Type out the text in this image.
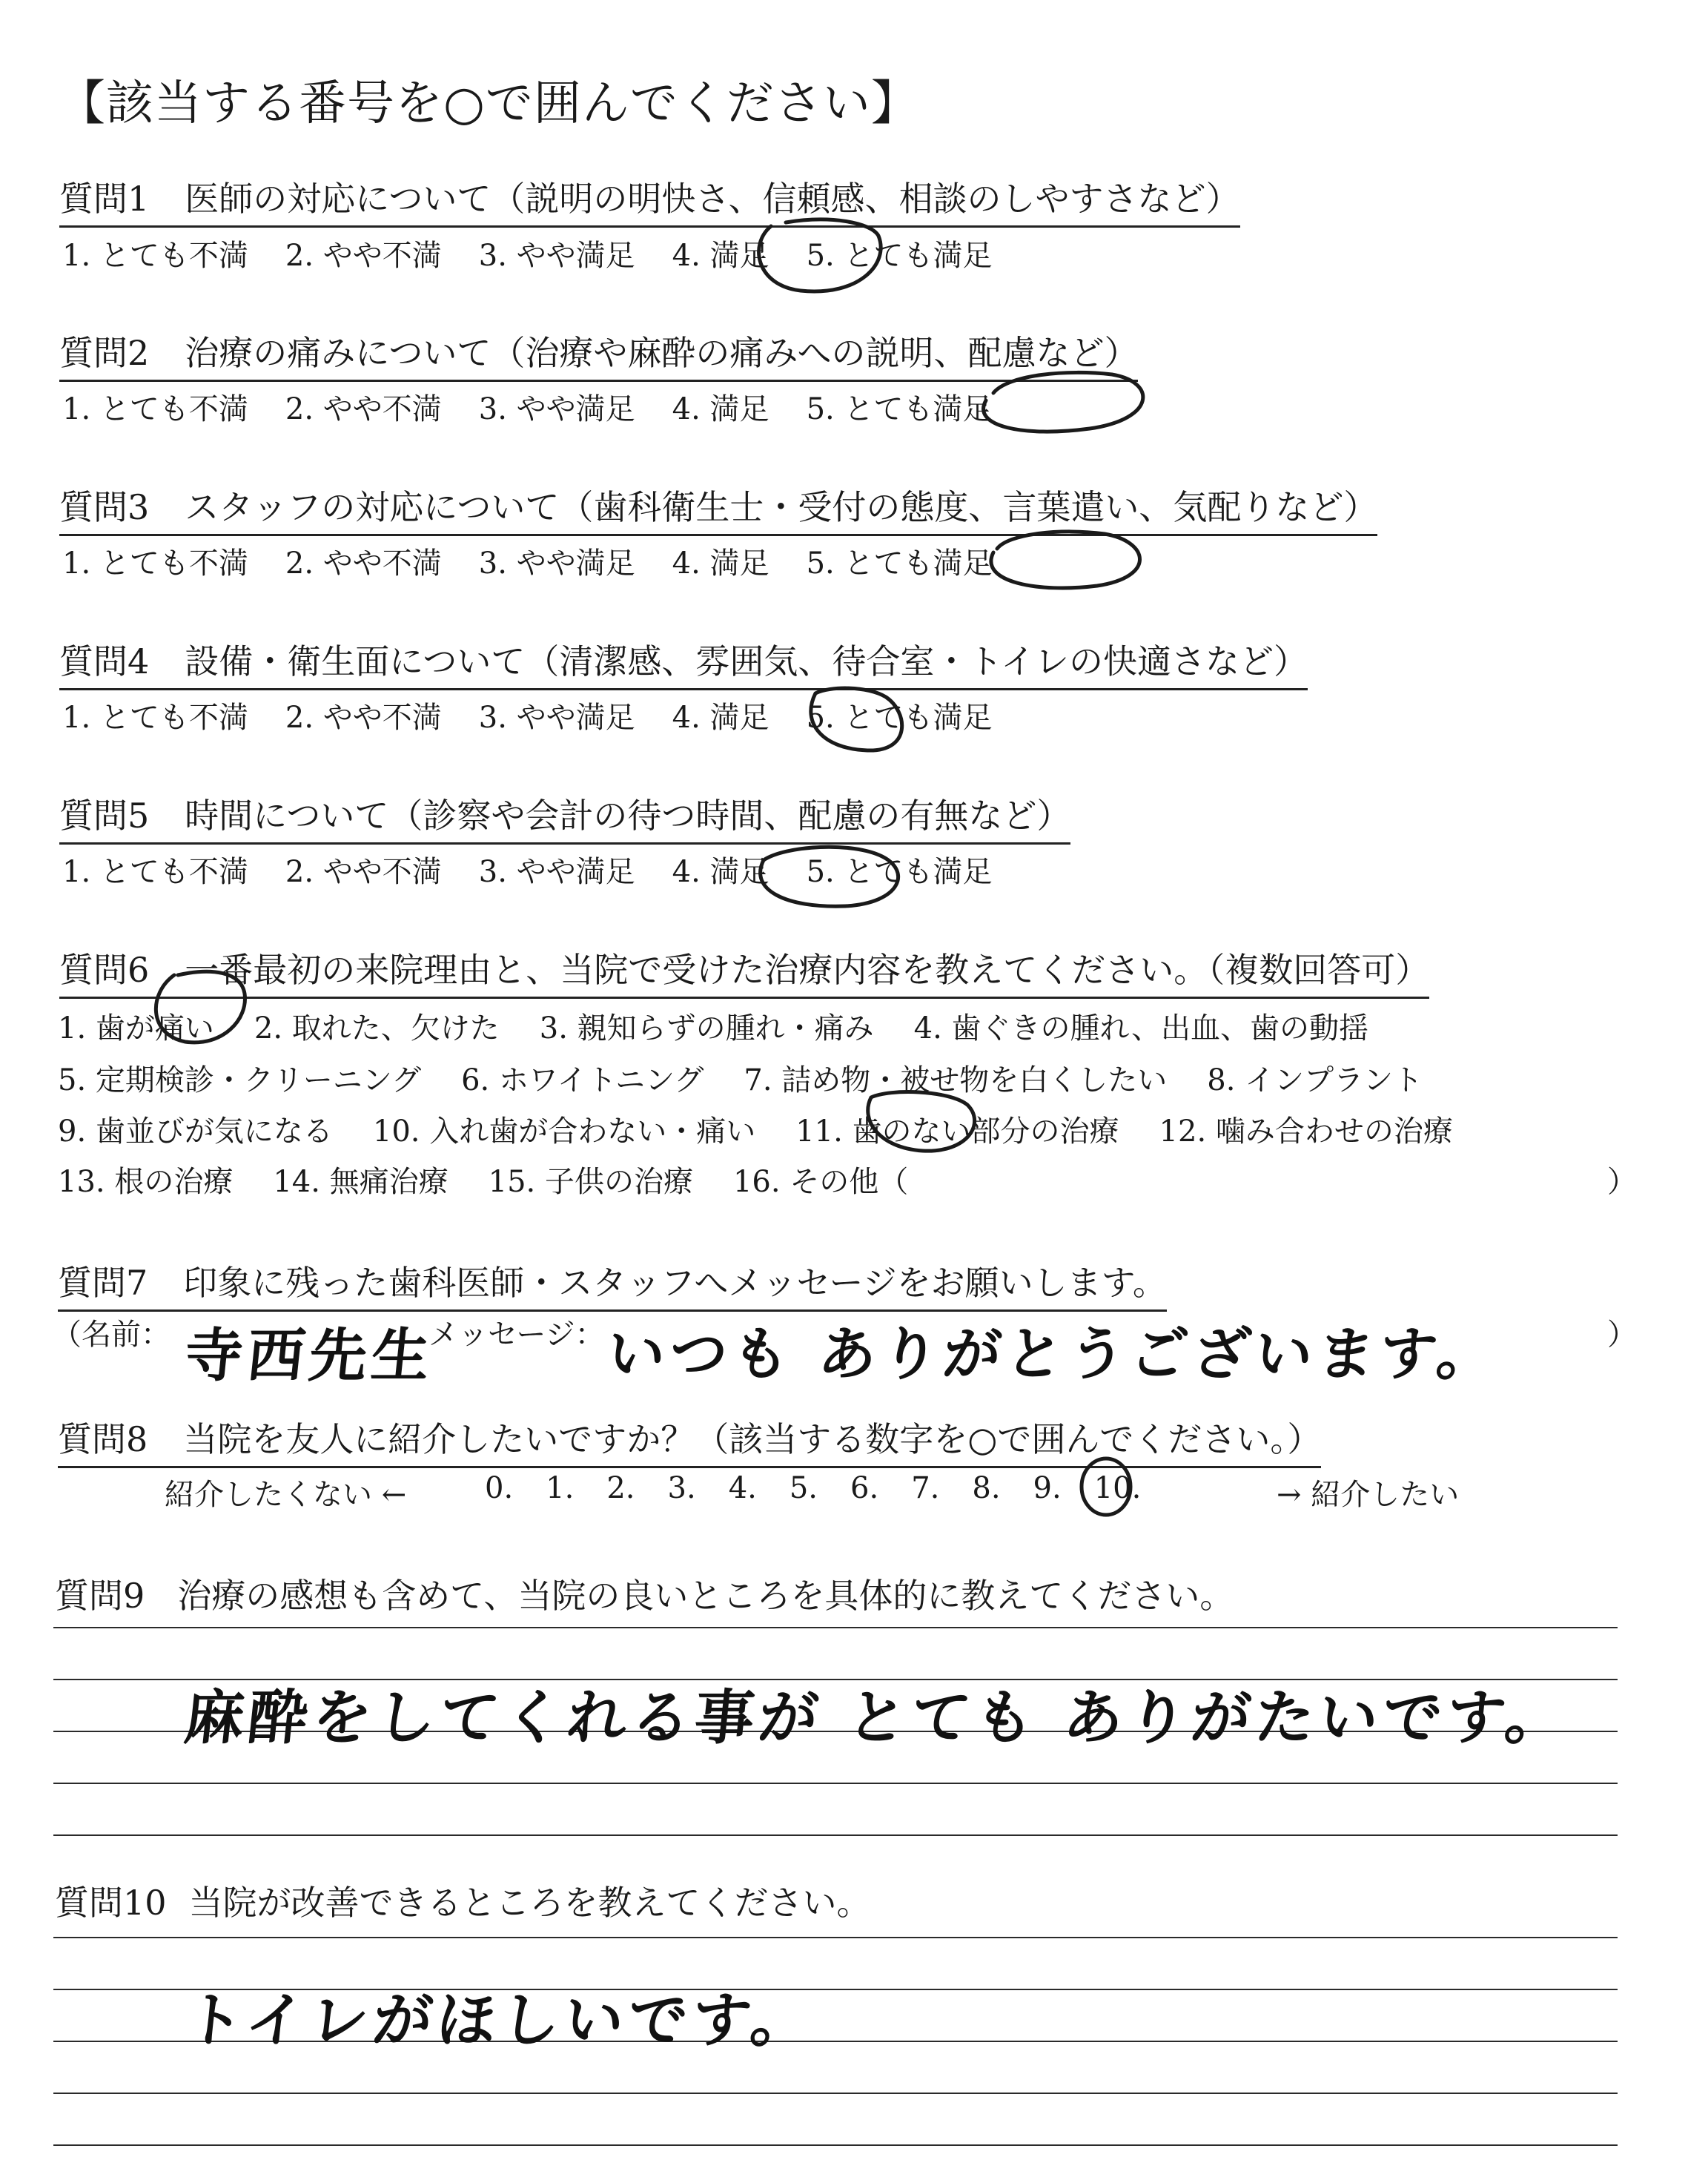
【該当する番号を○で囲んでください】
質問1 医師の対応について（説明の明快さ、信頼感、相談のしやすさなど）
1. とても不満 2. やや不満 3. やや満足 4. 満足 5. とても満足
質問2 治療の痛みについて（治療や麻酔の痛みへの説明、配慮など）
1. とても不満 2. やや不満 3. やや満足 4. 満足 5. とても満足
質問3 スタッフの対応について（歯科衛生士・受付の態度、言葉遣い、気配りなど）
1. とても不満 2. やや不満 3. やや満足 4. 満足 5. とても満足
質問4 設備・衛生面について（清潔感、雰囲気、待合室・トイレの快適さなど）
1. とても不満 2. やや不満 3. やや満足 4. 満足 5. とても満足
質問5 時間について（診察や会計の待つ時間、配慮の有無など）
1. とても不満 2. やや不満 3. やや満足 4. 満足 5. とても満足
質問6 一番最初の来院理由と、当院で受けた治療内容を教えてください。（複数回答可）
1. 歯が痛い 2. 取れた、欠けた 3. 親知らずの腫れ・痛み 4. 歯ぐきの腫れ、出血、歯の動揺
5. 定期検診・クリーニング 6. ホワイトニング 7. 詰め物・被せ物を白くしたい 8. インプラント
9. 歯並びが気になる 10. 入れ歯が合わない・痛い 11. 歯のない部分の治療 12. 噛み合わせの治療
13. 根の治療 14. 無痛治療 15. 子供の治療 16. その他（	）
質問7 印象に残った歯科医師・スタッフへメッセージをお願いします。
（名前： 寺西先生
メッセージ：
いつも ありがとうございます。	）
質問8 当院を友人に紹介したいですか？（該当する数字を○で囲んでください。）
紹介したくない ←	0. 1. 2. 3. 4. 5. 6. 7. 8. 9. 10.	→ 紹介したい
質問9 治療の感想も含めて、当院の良いところを具体的に教えてください。
麻酔をしてくれる事が とても ありがたいです。
質問10 当院が改善できるところを教えてください。
トイレがほしいです。
